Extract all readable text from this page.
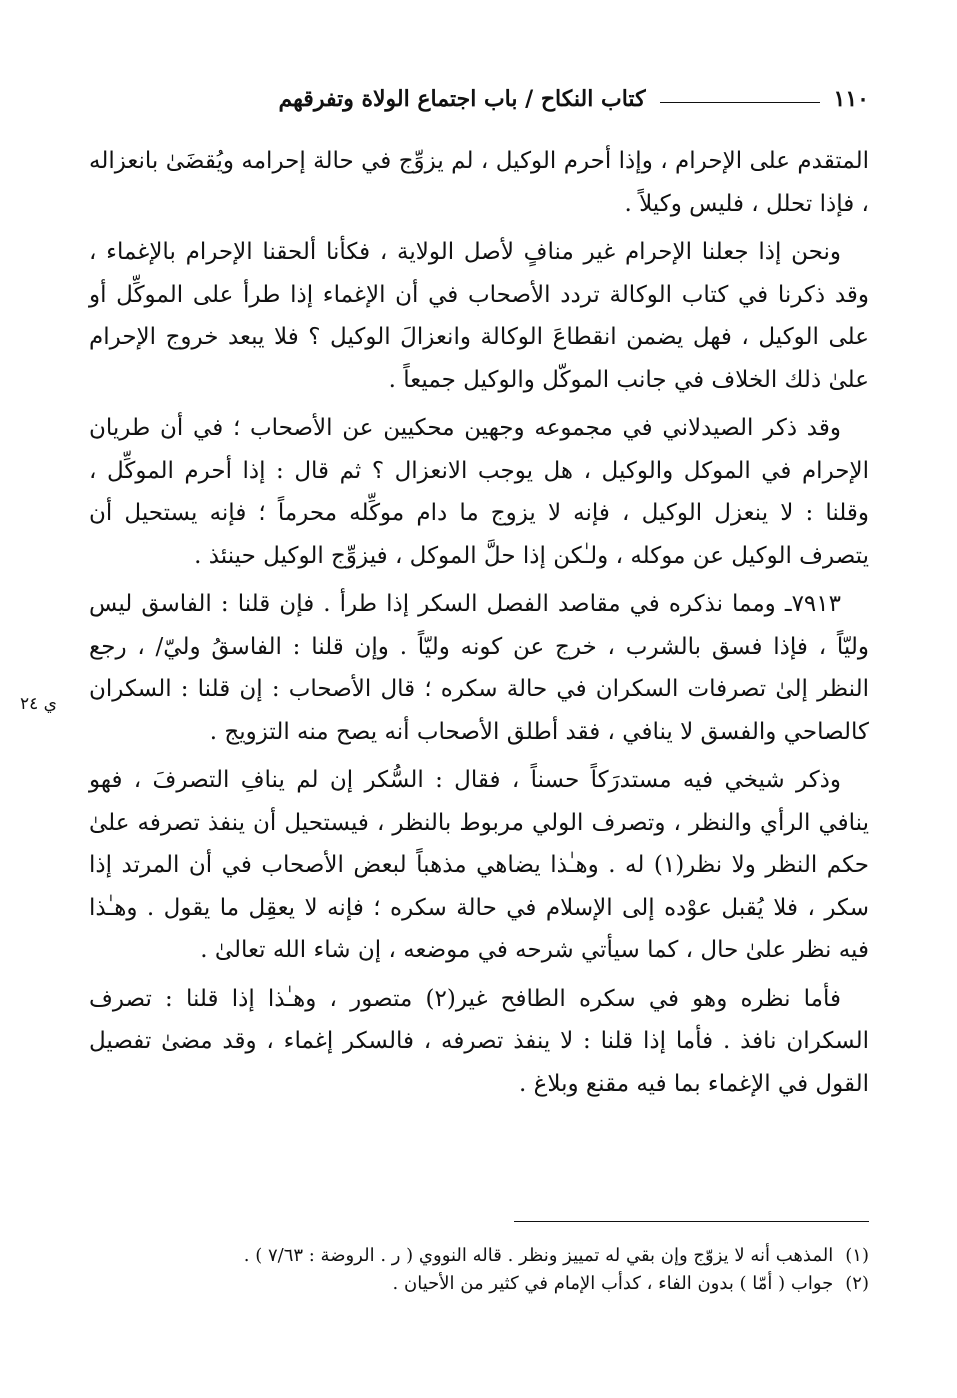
١١٠
كتاب النكاح / باب اجتماع الولاة وتفرقهم
ي ٢٤

المتقدم على الإحرام ، وإذا أحرم الوكيل ، لم يزوِّج في حالة إحرامه ويُقضَىٰ بانعزاله ، فإذا تحلل ، فليس وكيلاً .

ونحن إذا جعلنا الإحرام غير منافٍ لأصل الولاية ، فكأنا ألحقنا الإحرام بالإغماء ، وقد ذكرنا في كتاب الوكالة تردد الأصحاب في أن الإغماء إذا طرأ على الموكِّل أو على الوكيل ، فهل يضمن انقطاعَ الوكالة وانعزالَ الوكيل ؟ فلا يبعد خروج الإحرام علىٰ ذلك الخلاف في جانب الموكّل والوكيل جميعاً .

وقد ذكر الصيدلاني في مجموعه وجهين محكيين عن الأصحاب ؛ في أن طريان الإحرام في الموكل والوكيل ، هل يوجب الانعزال ؟ ثم قال : إذا أحرم الموكِّل ، وقلنا : لا ينعزل الوكيل ، فإنه لا يزوج ما دام موكِّله محرماً ؛ فإنه يستحيل أن يتصرف الوكيل عن موكله ، ولـٰكن إذا حلَّ الموكل ، فيزوِّج الوكيل حينئذ .

٧٩١٣ـ ومما نذكره في مقاصد الفصل السكر إذا طرأ . فإن قلنا : الفاسق ليس وليّاً ، فإذا فسق بالشرب ، خرج عن كونه وليّاً . وإن قلنا : الفاسقُ وليّ/ ، رجع النظر إلىٰ تصرفات السكران في حالة سكره ؛ قال الأصحاب : إن قلنا : السكران كالصاحي والفسق لا ينافي ، فقد أطلق الأصحاب أنه يصح منه التزويج .

وذكر شيخي فيه مستدرَكاً حسناً ، فقال : السُّكر إن لم ينافِ التصرفَ ، فهو ينافي الرأي والنظر ، وتصرف الولي مربوط بالنظر ، فيستحيل أن ينفذ تصرفه علىٰ حكم النظر ولا نظر(١) له . وهـٰذا يضاهي مذهباً لبعض الأصحاب في أن المرتد إذا سكر ، فلا يُقبل عوْده إلى الإسلام في حالة سكره ؛ فإنه لا يعقِل ما يقول . وهـٰذا فيه نظر علىٰ حال ، كما سيأتي شرحه في موضعه ، إن شاء الله تعالىٰ .

فأما نظره وهو في سكره الطافح غير(٢) متصور ، وهـٰذا إذا قلنا : تصرف السكران نافذ . فأما إذا قلنا : لا ينفذ تصرفه ، فالسكر إغماء ، وقد مضىٰ تفصيل القول في الإغماء بما فيه مقنع وبلاغ .

(١)
المذهب أنه لا يزوّج وإن بقي له تمييز ونظر . قاله النووي ( ر . الروضة : ٧/٦٣ ) .
(٢)
جواب ( أمّا ) بدون الفاء ، كدأب الإمام في كثير من الأحيان .
